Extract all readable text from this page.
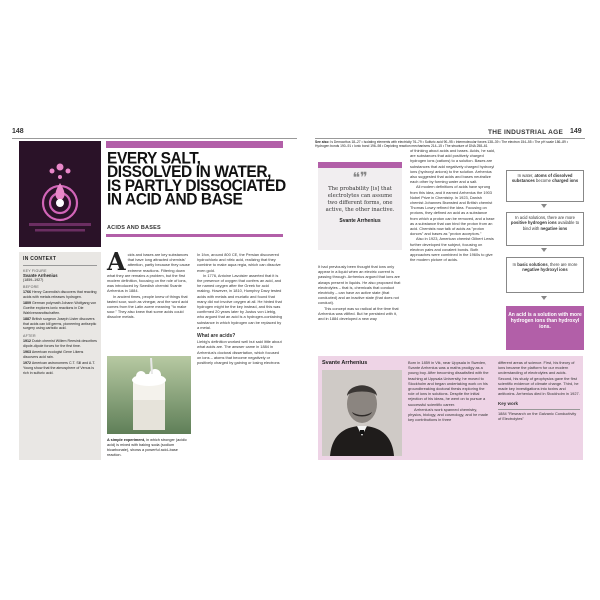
148
EVERY SALT, DISSOLVED IN WATER, IS PARTLY DISSOCIATED IN ACID AND BASE
ACIDS AND BASES
IN CONTEXT
KEY FIGURE
Svante Arrhenius
(1859–1927)
BEFORE
1766 Henry Cavendish discovers that reacting acids with metals releases hydrogen.
1809 German polymath Johann Wolfgang von Goethe explores ionic reactions in Die Wahlverwandtschaften.
1887 British surgeon Joseph Lister discovers that acids can kill germs, pioneering antiseptic surgery using carbolic acid.
AFTER
1912 Dutch chemist Willem Reesink describes dipole-dipole forces for the first time.
1963 American ecologist Gene Likens discovers acid rain.
1972 American astronomers C.T. Sill and A.T. Young show that the atmosphere of Venus is rich in sulfuric acid.
A cids and bases are key substances that have long attracted chemists' attention, partly because they cause extreme reactions. Filtering down what they are remains a problem, but the first modern definition, focusing on the role of ions, was introduced by Swedish chemist Svante Arrhenius in 1884.
In ancient times, people knew of things that tasted sour, such as vinegar, and the word acid comes from the Latin acere meaning "to make sour." They also knew that some acids could dissolve metals.
A simple experiment, in which stronger (acidic acid) is mixed with baking soda (sodium bicarbonate), shows a powerful acid–base reaction.
In 1fon, around 800 CE, the Persian discovered hydrochloric and nitric acid, realizing that they combine to make aqua regia, which can dissolve even gold.
In 1776, Antoine Lavoisier asserted that it is the presence of oxygen that confers an acid, and he named oxygen after the Greek for acid making. However, in 1810, Humphry Davy tested acids with metals and muriatic and found that many did not involve oxygen at all. He hinted that hydrogen might be the key instead, and this was confirmed 20 years later by Justus von Liebig, who argued that an acid is a hydrogen-containing substance in which hydrogen can be replaced by a metal.
What are acids?
Liebig's definition worked well but said little about what acids are. The answer came in 1884 in Arrhenius's doctoral dissertation, which focused on ions – atoms that become negatively or positively charged by gaining or losing electrons
See also: Is Democritus 18–27 • Isolating elements with electricity 76–79 • Sulfuric acid 90–95 • Intermolecular forces 138–39 • The electron 154–55 • The pH scale 186–89 • Hydrogen bonds 190–91 • Ionic bond 196–98 • Depicting reaction mechanisms 214–15 • The structure of DNA 258–61
THE INDUSTRIAL AGE 149
❝❞
The probability [is] that electrolytes can assume two different forms, one active, the other inactive.
Svante Arrhenius
It had previously been thought that ions only appear in a liquid when an electric current is passing through. Arrhenius argued that ions are always present in liquids. He also proposed that electrolytes – that is, chemicals that conduct electricity – can have an active state (that conducted) and an inactive state (that does not conduct).
This concept was so radical at the time that Arrhenius was vilified. But he persisted with it, and in 1884 developed a new way
of thinking about acids and bases. Acids, he said, are substances that add positively charged hydrogen ions (cations) to a solution. Bases are substances that add negatively charged hydroxyl ions (hydroxyl anions) to the solution. Arrhenius also suggested that acids and bases neutralize each other by forming water and a salt.
All modern definitions of acids have sprung from this idea, and it earned Arrhenius the 1903 Nobel Prize in Chemistry. In 1923, Danish chemist Johannes Brønsted and British chemist Thomas Lowry refined the idea. Focusing on protons, they defined an acid as a substance from which a proton can be removed, and a base as a substance that can bind the proton from an acid. Chemists now talk of acids as "proton donors" and bases as "proton acceptors."
Also in 1923, American chemist Gilbert Lewis further developed the subject, focusing on electron pairs and covalent bonds. Both approaches were combined in the 1960s to give the modern picture of acids.
In water, atoms of dissolved substances become charged ions
In acid solutions, there are more positive hydrogen ions available to bind with negative ions
In basic solutions, there are more negative hydroxyl ions
An acid is a solution with more hydrogen ions than hydroxyl ions.
Svante Arrhenius	Born in 1859 in Vik, near Uppsala in Sweden, Svante Arrhenius was a maths prodigy as a young boy. After becoming dissatisfied with the teaching at Uppsala University, he moved to Stockholm and began undertaking work on his groundbreaking doctoral thesis exploring the role of ions in solutions. Despite the initial rejection of his ideas, he went on to pursue a successful scientific career.
Arrhenius's work spanned chemistry, physics, biology, and cosmology, and he made key contributions in three
different areas of science. First, his theory of ions became the platform for our modern understanding of electrolytes and acids. Second, his study of geophysics gave the first scientific evidence of climate change. Third, he made key investigations into toxins and antitoxins. Arrhenius died in Stockholm in 1927.
Key work
1884 "Research on the Galvanic Conductivity of Electrolytes"
